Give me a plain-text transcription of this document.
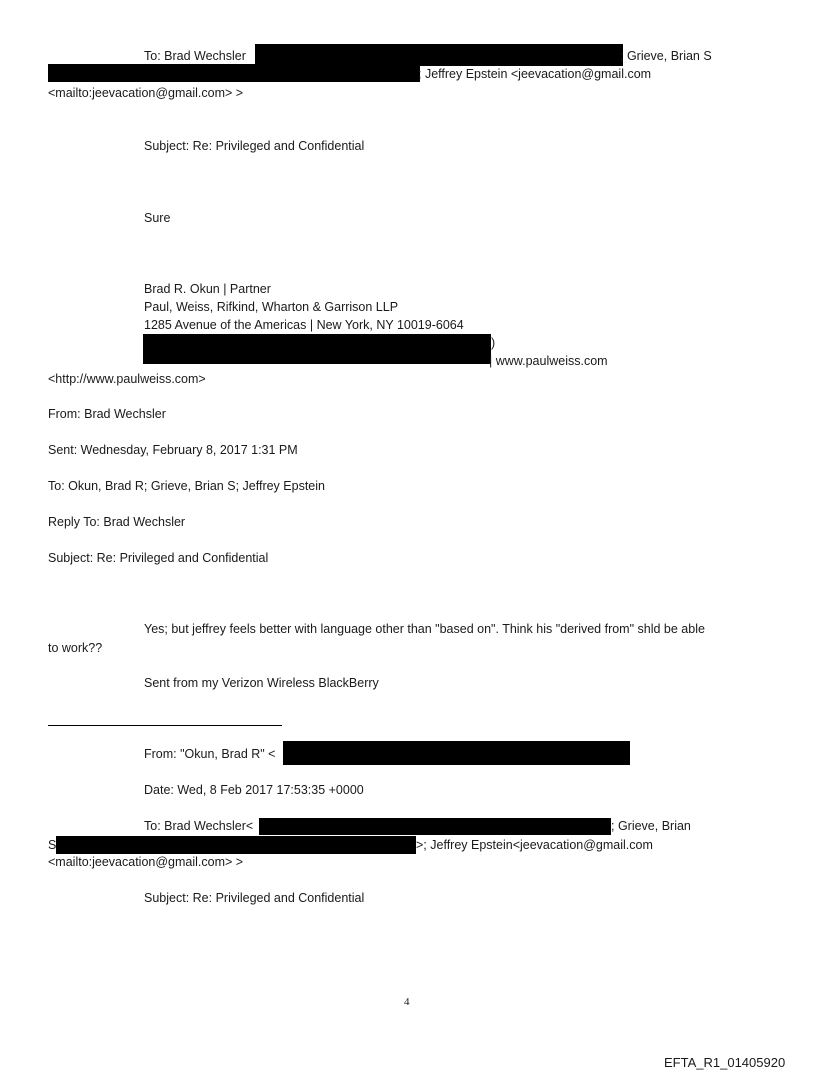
To: Brad Wechsler	; Grieve, Brian S
; Jeffrey Epstein <jeevacation@gmail.com
<mailto:jeevacation@gmail.com> >
Subject: Re: Privileged and Confidential
Sure
Brad R. Okun | Partner
Paul, Weiss, Rifkind, Wharton & Garrison LLP
1285 Avenue of the Americas | New York, NY 10019-6064
)
| www.paulweiss.com
<http://www.paulweiss.com>
From: Brad Wechsler
Sent: Wednesday, February 8, 2017 1:31 PM
To: Okun, Brad R; Grieve, Brian S; Jeffrey Epstein
Reply To: Brad Wechsler
Subject: Re: Privileged and Confidential
Yes; but jeffrey feels better with language other than "based on". Think his "derived from" shld be able
to work??
Sent from my Verizon Wireless BlackBerry
From: "Okun, Brad R" <
Date: Wed, 8 Feb 2017 17:53:35 +0000
To: Brad Wechsler<	; Grieve, Brian
S	>; Jeffrey Epstein<jeevacation@gmail.com
<mailto:jeevacation@gmail.com> >
Subject: Re: Privileged and Confidential
4
EFTA_R1_01405920
